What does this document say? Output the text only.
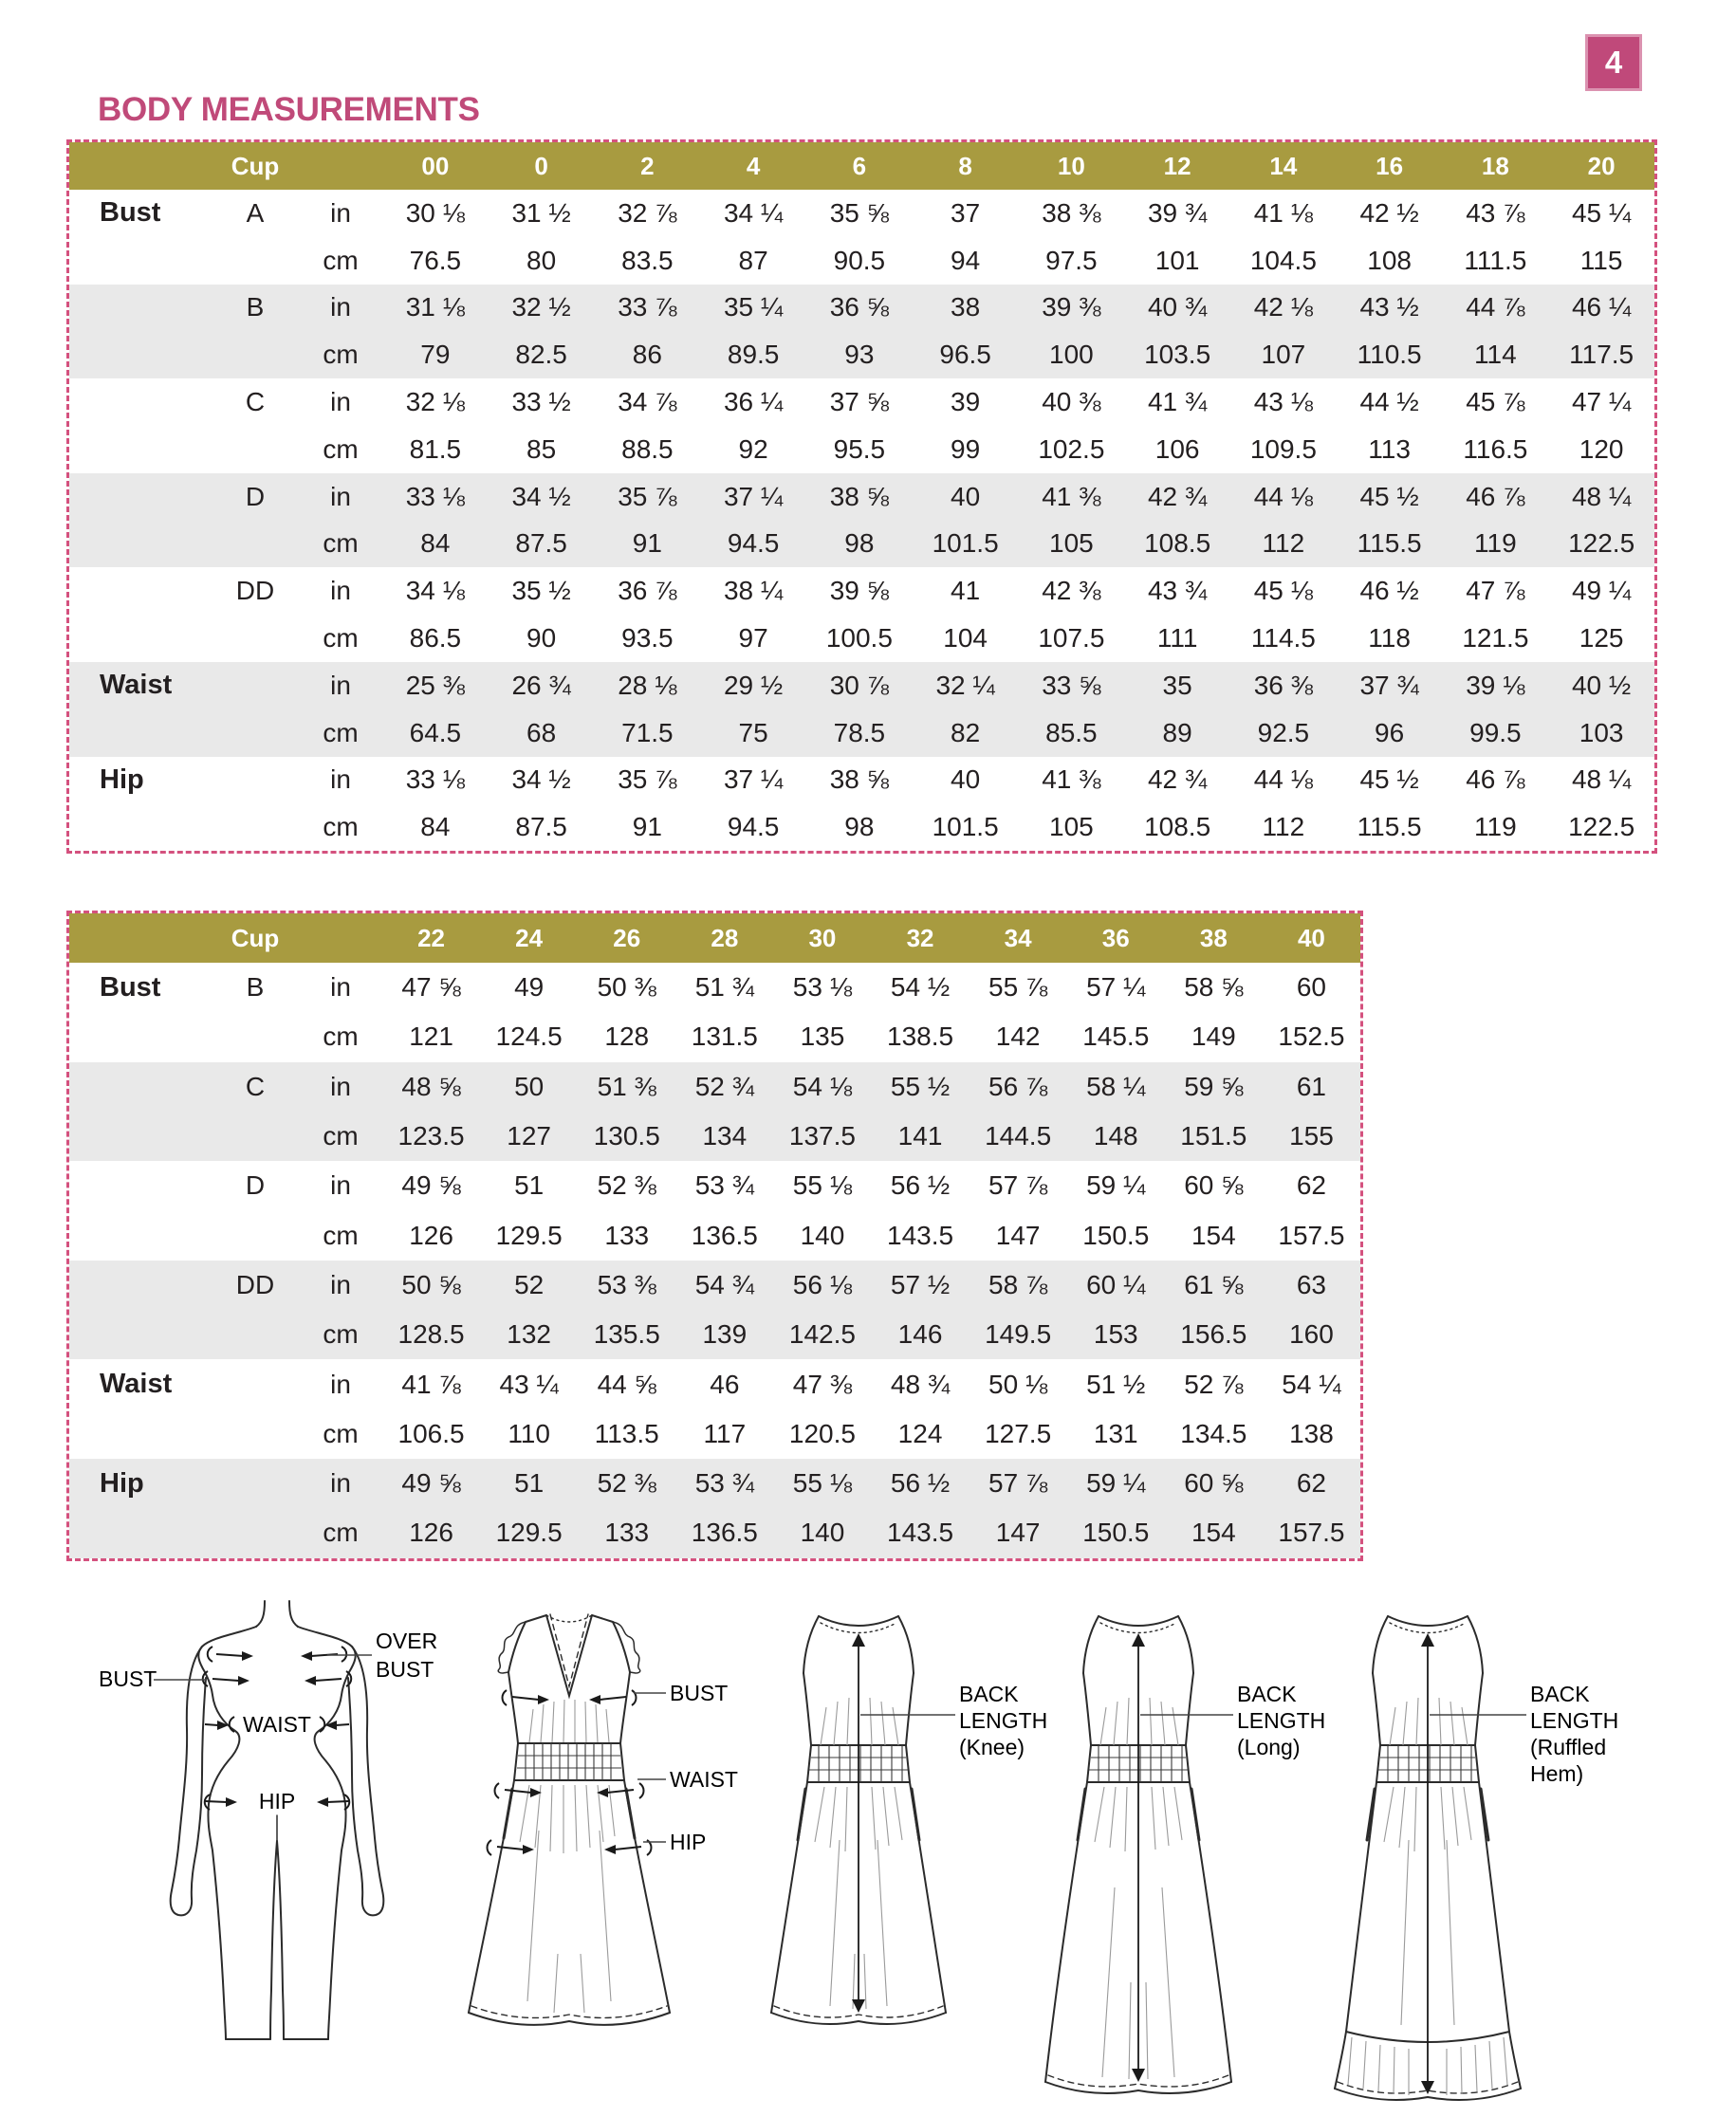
BODY MEASUREMENTS
4
Cup	00	0	2	4	6	8	10	12	14	16	18	20
Bust	A	in	30 ⅛	31 ½	32 ⅞	34 ¼	35 ⅝	37	38 ⅜	39 ¾	41 ⅛	42 ½	43 ⅞	45 ¼
cm	76.5	80	83.5	87	90.5	94	97.5	101	104.5	108	111.5	115
B	in	31 ⅛	32 ½	33 ⅞	35 ¼	36 ⅝	38	39 ⅜	40 ¾	42 ⅛	43 ½	44 ⅞	46 ¼
cm	79	82.5	86	89.5	93	96.5	100	103.5	107	110.5	114	117.5
C	in	32 ⅛	33 ½	34 ⅞	36 ¼	37 ⅝	39	40 ⅜	41 ¾	43 ⅛	44 ½	45 ⅞	47 ¼
cm	81.5	85	88.5	92	95.5	99	102.5	106	109.5	113	116.5	120
D	in	33 ⅛	34 ½	35 ⅞	37 ¼	38 ⅝	40	41 ⅜	42 ¾	44 ⅛	45 ½	46 ⅞	48 ¼
cm	84	87.5	91	94.5	98	101.5	105	108.5	112	115.5	119	122.5
DD	in	34 ⅛	35 ½	36 ⅞	38 ¼	39 ⅝	41	42 ⅜	43 ¾	45 ⅛	46 ½	47 ⅞	49 ¼
cm	86.5	90	93.5	97	100.5	104	107.5	111	114.5	118	121.5	125
Waist	in	25 ⅜	26 ¾	28 ⅛	29 ½	30 ⅞	32 ¼	33 ⅝	35	36 ⅜	37 ¾	39 ⅛	40 ½
cm	64.5	68	71.5	75	78.5	82	85.5	89	92.5	96	99.5	103
Hip	in	33 ⅛	34 ½	35 ⅞	37 ¼	38 ⅝	40	41 ⅜	42 ¾	44 ⅛	45 ½	46 ⅞	48 ¼
cm	84	87.5	91	94.5	98	101.5	105	108.5	112	115.5	119	122.5
Cup	22	24	26	28	30	32	34	36	38	40
Bust	B	in	47 ⅝	49	50 ⅜	51 ¾	53 ⅛	54 ½	55 ⅞	57 ¼	58 ⅝	60
cm	121	124.5	128	131.5	135	138.5	142	145.5	149	152.5
C	in	48 ⅝	50	51 ⅜	52 ¾	54 ⅛	55 ½	56 ⅞	58 ¼	59 ⅝	61
cm	123.5	127	130.5	134	137.5	141	144.5	148	151.5	155
D	in	49 ⅝	51	52 ⅜	53 ¾	55 ⅛	56 ½	57 ⅞	59 ¼	60 ⅝	62
cm	126	129.5	133	136.5	140	143.5	147	150.5	154	157.5
DD	in	50 ⅝	52	53 ⅜	54 ¾	56 ⅛	57 ½	58 ⅞	60 ¼	61 ⅝	63
cm	128.5	132	135.5	139	142.5	146	149.5	153	156.5	160
Waist	in	41 ⅞	43 ¼	44 ⅝	46	47 ⅜	48 ¾	50 ⅛	51 ½	52 ⅞	54 ¼
cm	106.5	110	113.5	117	120.5	124	127.5	131	134.5	138
Hip	in	49 ⅝	51	52 ⅜	53 ¾	55 ⅛	56 ½	57 ⅞	59 ¼	60 ⅝	62
cm	126	129.5	133	136.5	140	143.5	147	150.5	154	157.5
OVER
BUST
BUST
WAIST
HIP
BUST
WAIST
HIP
BACK
LENGTH
(Knee)
BACK
LENGTH
(Long)
BACK
LENGTH
(Ruffled
Hem)
